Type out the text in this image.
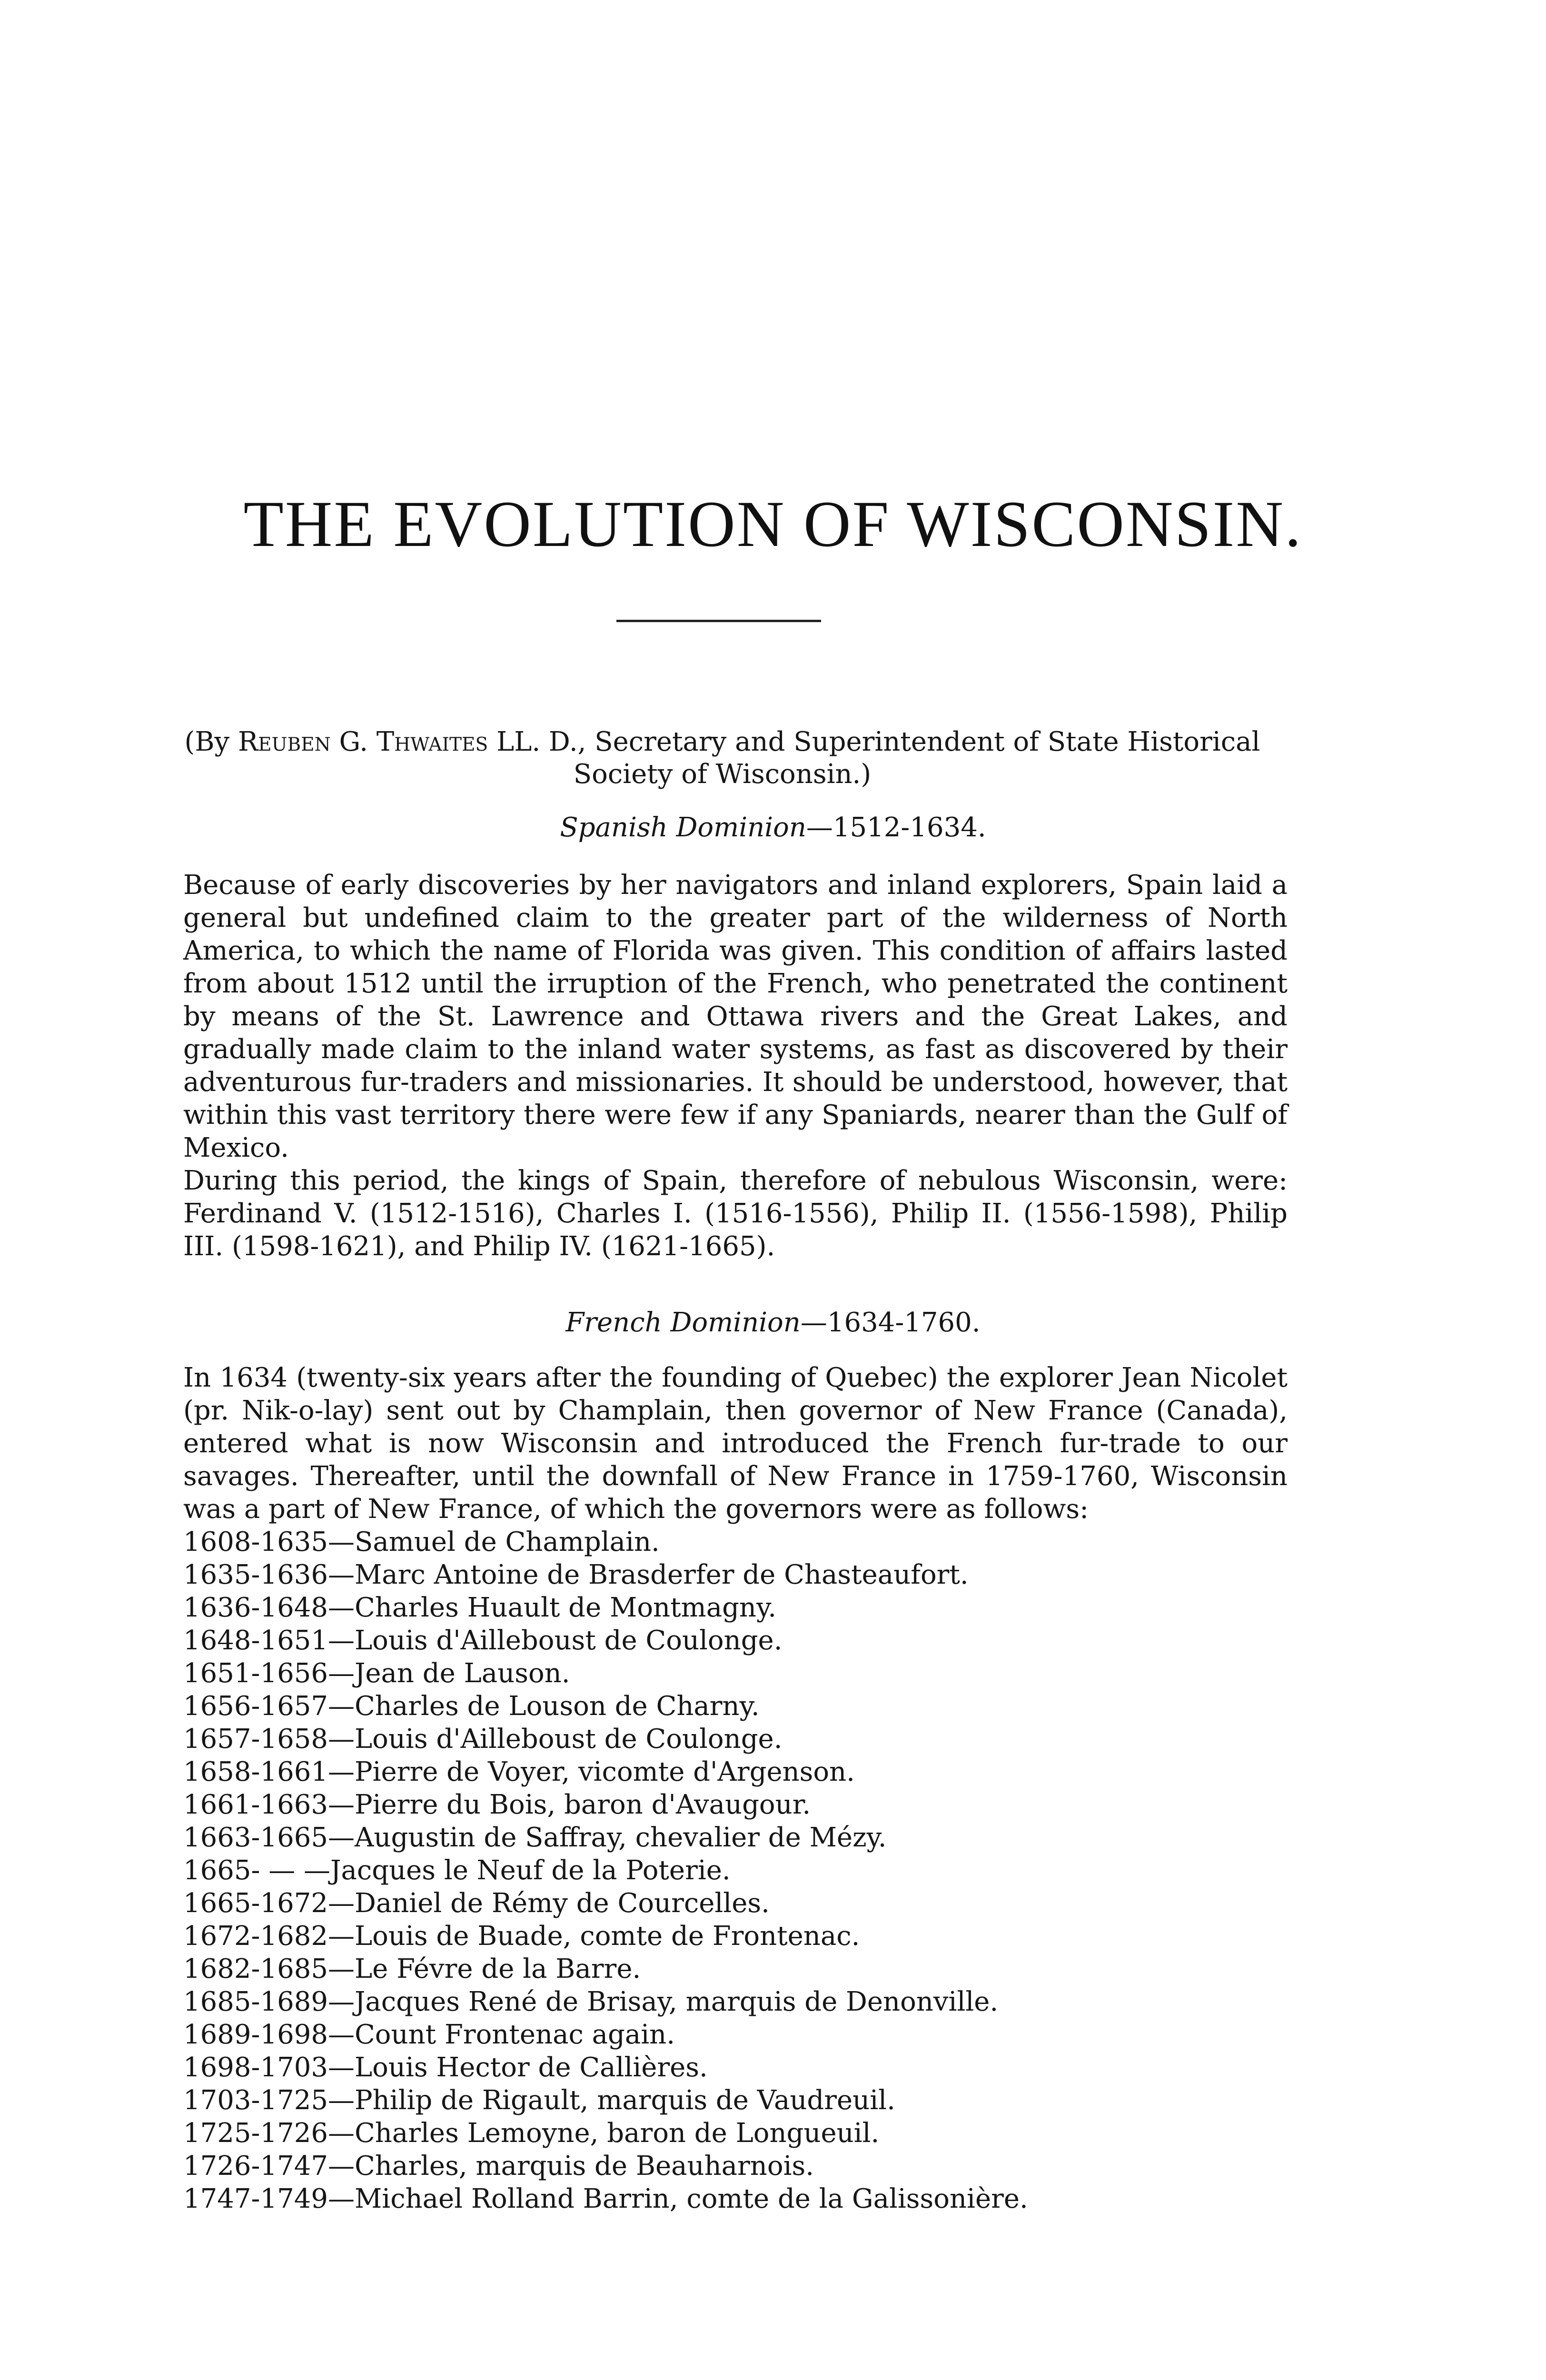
THE EVOLUTION OF WISCONSIN.
(By Reuben G. Thwaites LL. D., Secretary and Superintendent of State Historical Society of Wisconsin.)
Spanish Dominion—1512-1634.

Because of early discoveries by her navigators and inland explorers, Spain laid a general but undefined claim to the greater part of the wilderness of North America, to which the name of Florida was given. This condition of affairs lasted from about 1512 until the irruption of the French, who penetrated the continent by means of the St. Lawrence and Ottawa rivers and the Great Lakes, and gradually made claim to the inland water systems, as fast as discovered by their adventurous fur-traders and missionaries. It should be understood, however, that within this vast territory there were few if any Spaniards, nearer than the Gulf of Mexico.

During this period, the kings of Spain, therefore of nebulous Wisconsin, were: Ferdinand V. (1512-1516), Charles I. (1516-1556), Philip II. (1556-1598), Philip III. (1598-1621), and Philip IV. (1621-1665).

French Dominion—1634-1760.

In 1634 (twenty-six years after the founding of Quebec) the explorer Jean Nicolet (pr. Nik-o-lay) sent out by Champlain, then governor of New France (Canada), entered what is now Wisconsin and introduced the French fur-trade to our savages. Thereafter, until the downfall of New France in 1759-1760, Wisconsin was a part of New France, of which the governors were as follows:

1608-1635—Samuel de Champlain.
1635-1636—Marc Antoine de Brasderfer de Chasteaufort.
1636-1648—Charles Huault de Montmagny.
1648-1651—Louis d'Ailleboust de Coulonge.
1651-1656—Jean de Lauson.
1656-1657—Charles de Louson de Charny.
1657-1658—Louis d'Ailleboust de Coulonge.
1658-1661—Pierre de Voyer, vicomte d'Argenson.
1661-1663—Pierre du Bois, baron d'Avaugour.
1663-1665—Augustin de Saffray, chevalier de Mézy.
1665- — —Jacques le Neuf de la Poterie.
1665-1672—Daniel de Rémy de Courcelles.
1672-1682—Louis de Buade, comte de Frontenac.
1682-1685—Le Févre de la Barre.
1685-1689—Jacques René de Brisay, marquis de Denonville.
1689-1698—Count Frontenac again.
1698-1703—Louis Hector de Callières.
1703-1725—Philip de Rigault, marquis de Vaudreuil.
1725-1726—Charles Lemoyne, baron de Longueuil.
1726-1747—Charles, marquis de Beauharnois.
1747-1749—Michael Rolland Barrin, comte de la Galissonière.
